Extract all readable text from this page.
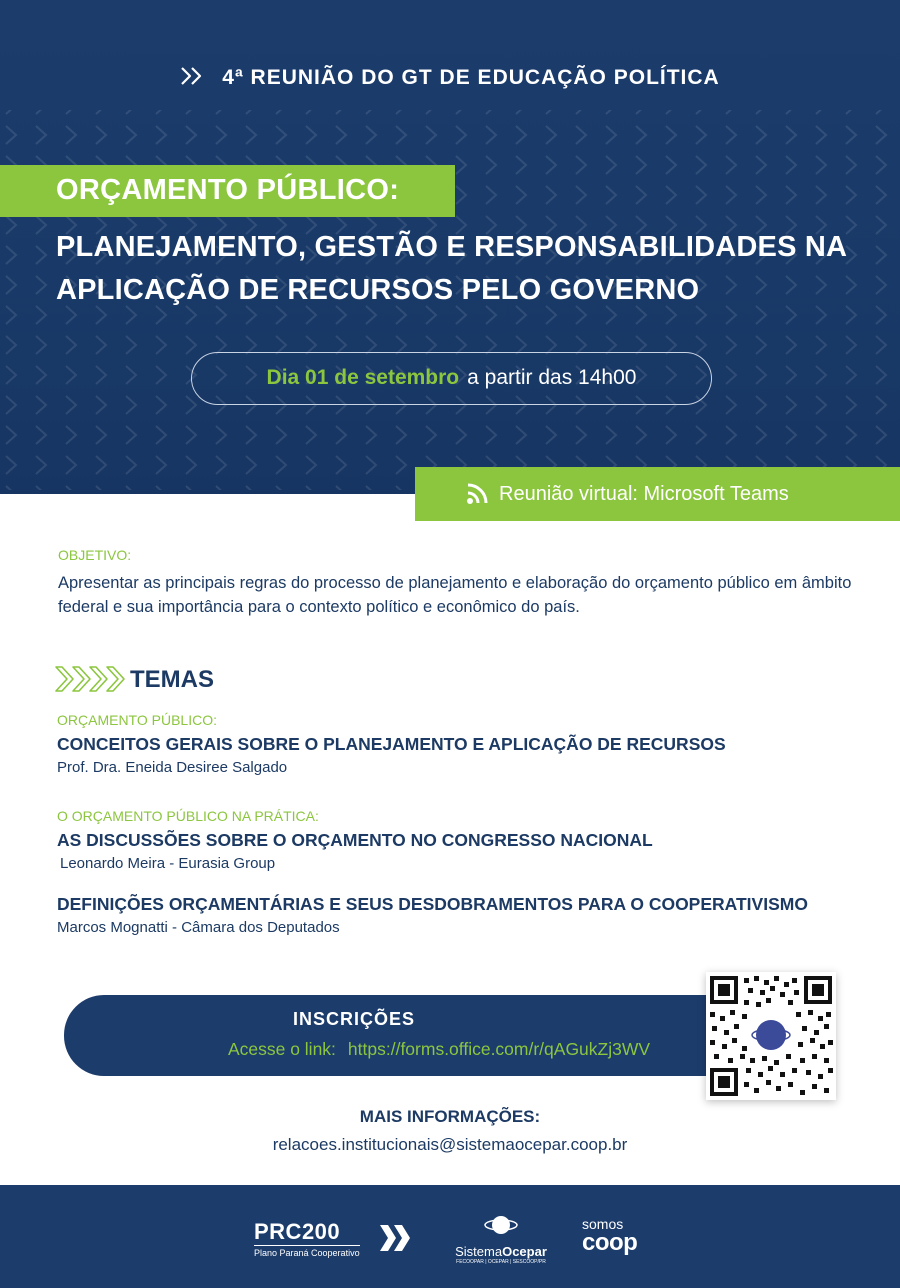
4ª REUNIÃO DO GT DE EDUCAÇÃO POLÍTICA
ORÇAMENTO PÚBLICO:
PLANEJAMENTO, GESTÃO E RESPONSABILIDADES NA APLICAÇÃO DE RECURSOS PELO GOVERNO
Dia 01 de setembro a partir das 14h00
Reunião virtual: Microsoft Teams
OBJETIVO:
Apresentar as principais regras do processo de planejamento e elaboração do orçamento público em âmbito federal e sua importância para o contexto político e econômico do país.
TEMAS
ORÇAMENTO PÚBLICO:
CONCEITOS GERAIS SOBRE O PLANEJAMENTO E APLICAÇÃO DE RECURSOS
Prof. Dra. Eneida Desiree Salgado
O ORÇAMENTO PÚBLICO NA PRÁTICA:
AS DISCUSSÕES SOBRE O ORÇAMENTO NO CONGRESSO NACIONAL
Leonardo Meira - Eurasia Group
DEFINIÇÕES ORÇAMENTÁRIAS E SEUS DESDOBRAMENTOS PARA O COOPERATIVISMO
Marcos Mognatti - Câmara dos Deputados
INSCRIÇÕES
Acesse o link: https://forms.office.com/r/qAGukZj3WV
MAIS INFORMAÇÕES:
relacoes.institucionais@sistemaocepar.coop.br
PRC200
Plano Paraná Cooperativo	SistemaOcepar
FECOOPAR | OCEPAR | SESCOOP/PR
somos
coop
